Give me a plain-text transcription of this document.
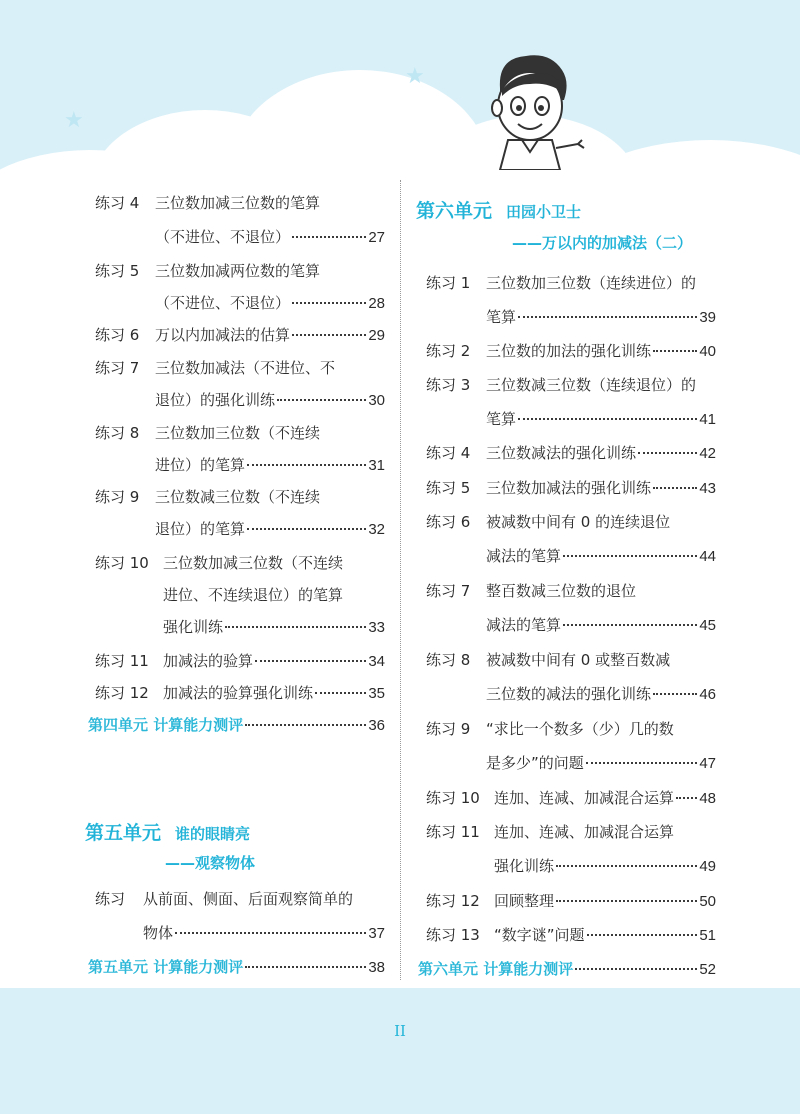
★
★
☆
练习 4	三位数加减三位数的笔算
（不进位、不退位）	27
练习 5	三位数加减两位数的笔算
（不进位、不退位）	28
练习 6	万以内加减法的估算	29
练习 7	三位数加减法（不进位、不
退位）的强化训练	30
练习 8	三位数加三位数（不连续
进位）的笔算	31
练习 9	三位数减三位数（不连续
退位）的笔算	32
练习 10 三位数加减三位数（不连续
进位、不连续退位）的笔算
强化训练	33
练习 11 加减法的验算	34
练习 12 加减法的验算强化训练	35
第四单元 计算能力测评	36
第五单元 谁的眼睛亮
——观察物体
练习	从前面、侧面、后面观察简单的
物体	37
第五单元 计算能力测评	38
第六单元 田园小卫士
——万以内的加减法（二）
练习 1	三位数加三位数（连续进位）的
笔算	39
练习 2	三位数的加法的强化训练	40
练习 3	三位数减三位数（连续退位）的
笔算	41
练习 4	三位数减法的强化训练	42
练习 5	三位数加减法的强化训练	43
练习 6	被减数中间有 0 的连续退位
减法的笔算	44
练习 7	整百数减三位数的退位
减法的笔算	45
练习 8	被减数中间有 0 或整百数减
三位数的减法的强化训练	46
练习 9	“求比一个数多（少）几的数
是多少”的问题	47
练习 10 连加、连减、加减混合运算 48
练习 11 连加、连减、加减混合运算
强化训练	49
练习 12 回顾整理	50
练习 13 “数字谜”问题	51
第六单元 计算能力测评	52
II
